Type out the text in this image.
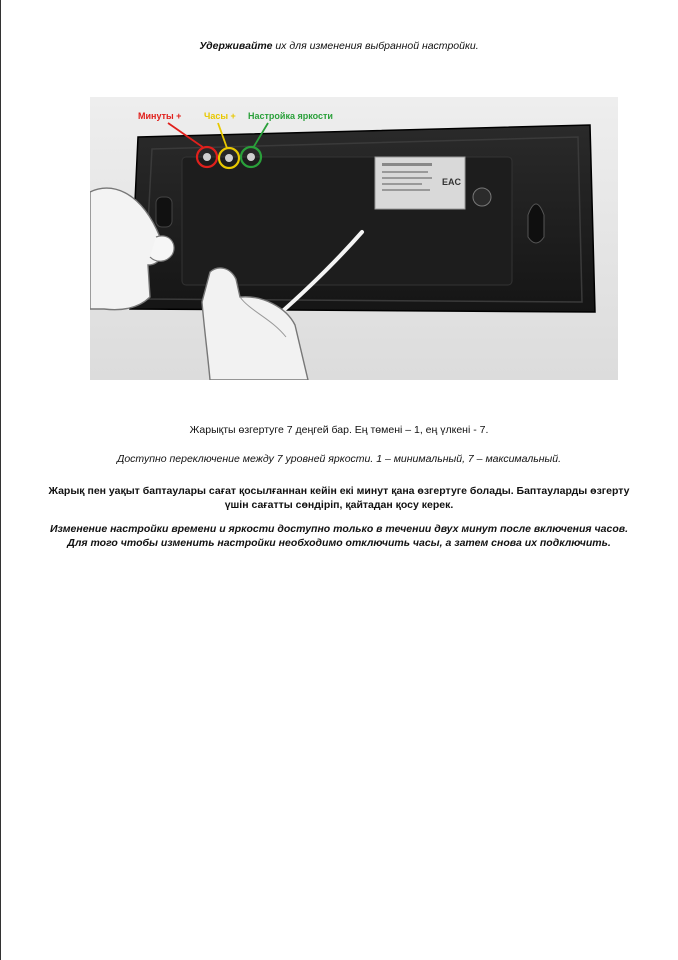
Удерживайте их для изменения выбранной настройки.
EAC
Минуты +	Часы + Настройка яркости
Жарықты өзгертуге 7 деңгей бар. Ең төмені – 1, ең үлкені - 7.
Доступно переключение между 7 уровней яркости. 1 – минимальный, 7 – максимальный.
Жарық пен уақыт баптаулары сағат қосылғаннан кейін екі минут қана өзгертуге болады. Баптауларды өзгерту
үшін сағатты сөндіріп, қайтадан қосу керек.
Изменение настройки времени и яркости доступно только в течении двух минут после включения часов.
Для того чтобы изменить настройки необходимо отключить часы, а затем снова их подключить.
